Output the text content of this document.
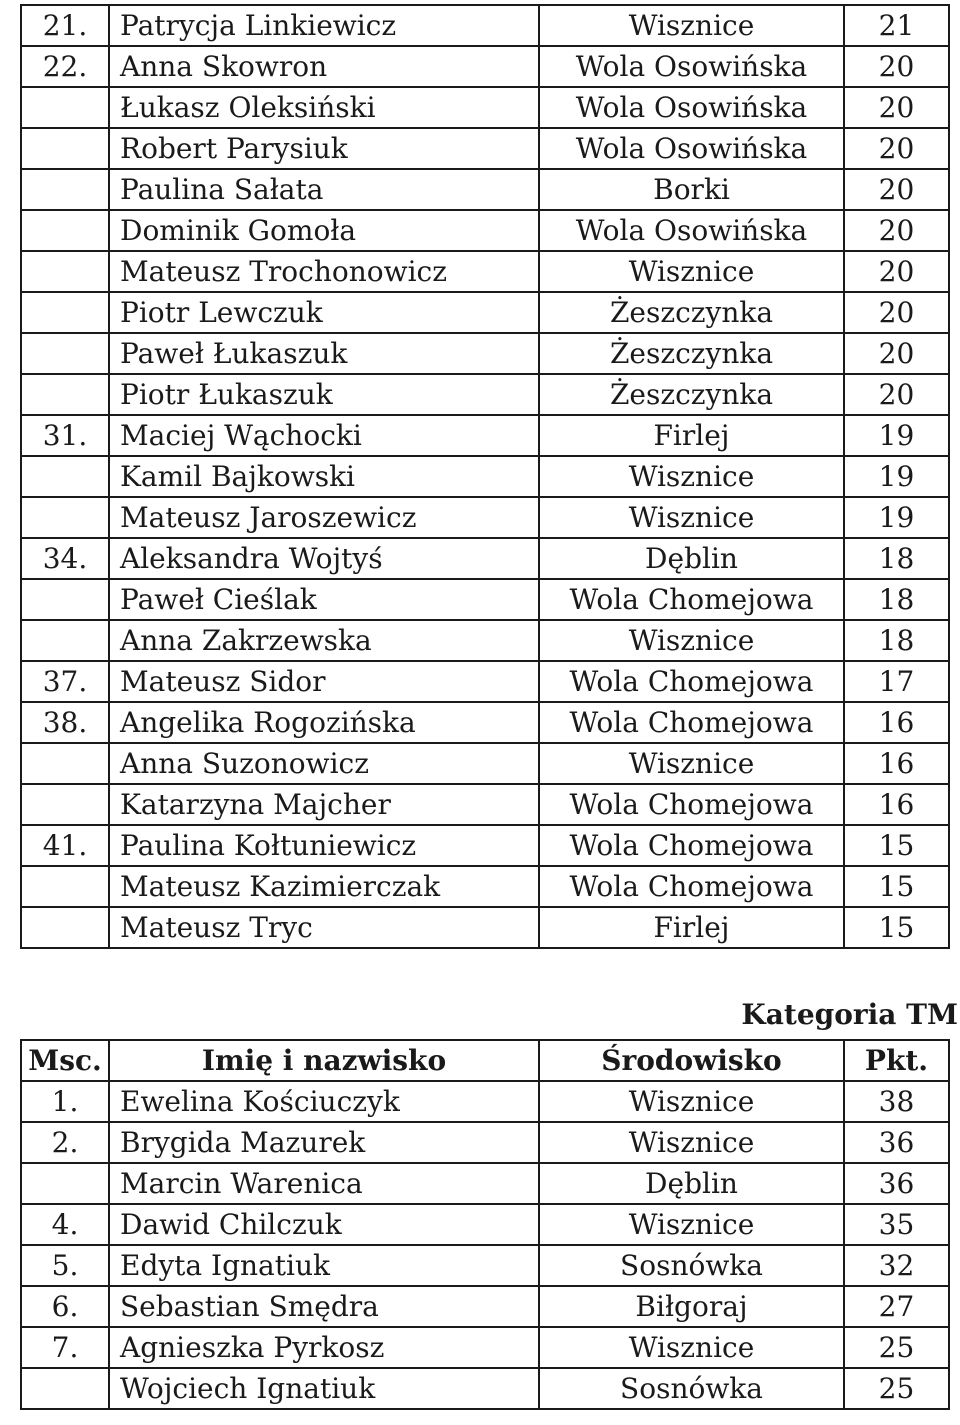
21.	Patrycja Linkiewicz	Wisznice	21
22.	Anna Skowron	Wola Osowińska	20
	Łukasz Oleksiński	Wola Osowińska	20
	Robert Parysiuk	Wola Osowińska	20
	Paulina Sałata	Borki	20
	Dominik Gomoła	Wola Osowińska	20
	Mateusz Trochonowicz	Wisznice	20
	Piotr Lewczuk	Żeszczynka	20
	Paweł Łukaszuk	Żeszczynka	20
	Piotr Łukaszuk	Żeszczynka	20
31.	Maciej Wąchocki	Firlej	19
	Kamil Bajkowski	Wisznice	19
	Mateusz Jaroszewicz	Wisznice	19
34.	Aleksandra Wojtyś	Dęblin	18
	Paweł Cieślak	Wola Chomejowa	18
	Anna Zakrzewska	Wisznice	18
37.	Mateusz Sidor	Wola Chomejowa	17
38.	Angelika Rogozińska	Wola Chomejowa	16
	Anna Suzonowicz	Wisznice	16
	Katarzyna Majcher	Wola Chomejowa	16
41.	Paulina Kołtuniewicz	Wola Chomejowa	15
	Mateusz Kazimierczak	Wola Chomejowa	15
	Mateusz Tryc	Firlej	15
Kategoria TM
Msc.	Imię i nazwisko	Środowisko	Pkt.
1.	Ewelina Kościuczyk	Wisznice	38
2.	Brygida Mazurek	Wisznice	36
	Marcin Warenica	Dęblin	36
4.	Dawid Chilczuk	Wisznice	35
5.	Edyta Ignatiuk	Sosnówka	32
6.	Sebastian Smędra	Biłgoraj	27
7.	Agnieszka Pyrkosz	Wisznice	25
	Wojciech Ignatiuk	Sosnówka	25
